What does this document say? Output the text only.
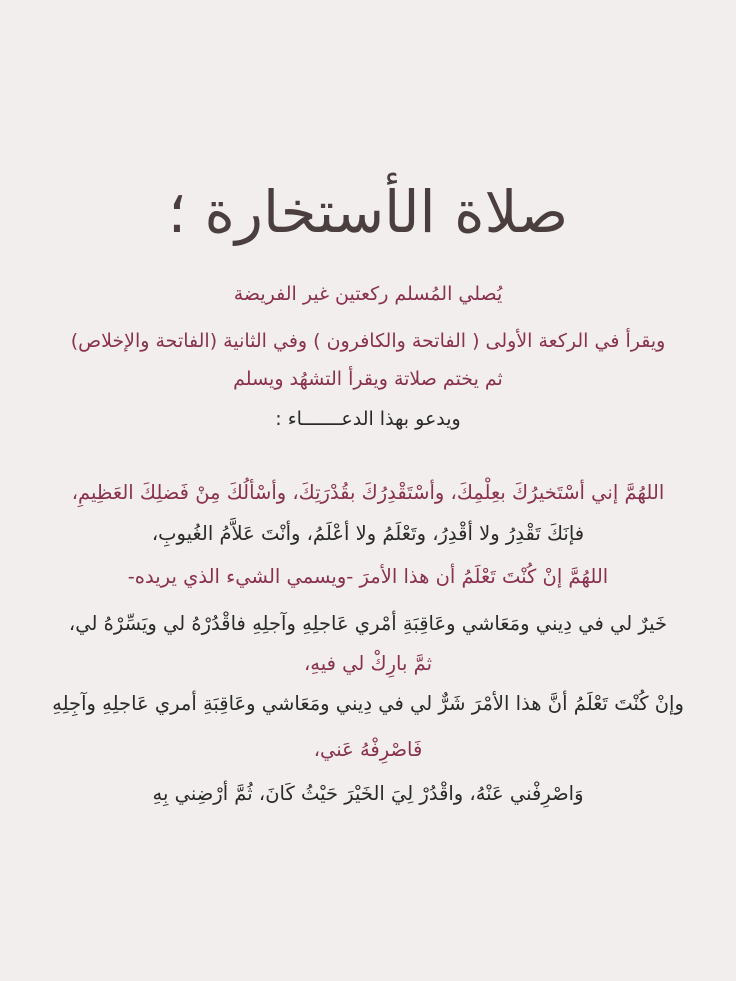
صلاة الأستخارة ؛
يُصلي المُسلم ركعتين غير الفريضة
ويقرأ في الركعة الأولى ( الفاتحة والكافرون ) وفي الثانية (الفاتحة والإخلاص)
ثم يختم صلاتة ويقرأ التشهُد ويسلم
ويدعو بهذا الدعـــــــاء :
اللهُمَّ إني أسْتَخيرُكَ بعِلْمِكَ، وأسْتَقْدِرُكَ بقُدْرَتِكَ، وأسْألُكَ مِنْ فَضلِكَ العَظِيمِ،
فإنَكَ تَقْدِرُ ولا أقْدِرُ، وتَعْلَمُ ولا أعْلَمُ، وأنْتَ عَلاَّمُ الغُيوبِ،
اللهُمَّ إنْ كُنْتَ تَعْلَمُ أن هذا الأمرَ -ويسمي الشيء الذي يريده-
خَيرٌ لي في دِيني ومَعَاشي وعَاقِبَةِ أمْري عَاجلِهِ وآجلِهِ فاقْدُرْهُ لي ويَسِّرْهُ لي،
ثمَّ بارِكْ لي فيهِ،
وإنْ كُنْتَ تَعْلَمُ أنَّ هذا الأمْرَ شَرٌّ لي في دِيني ومَعَاشي وعَاقِبَةِ أمري عَاجلِهِ وآجِلِهِ
فَاصْرِفْهُ عَني،
وَاصْرِفْني عَنْهُ، واقْدُرْ لِيَ الخَيْرَ حَيْثُ كَانَ، ثُمَّ أرْضِني بِهِ
